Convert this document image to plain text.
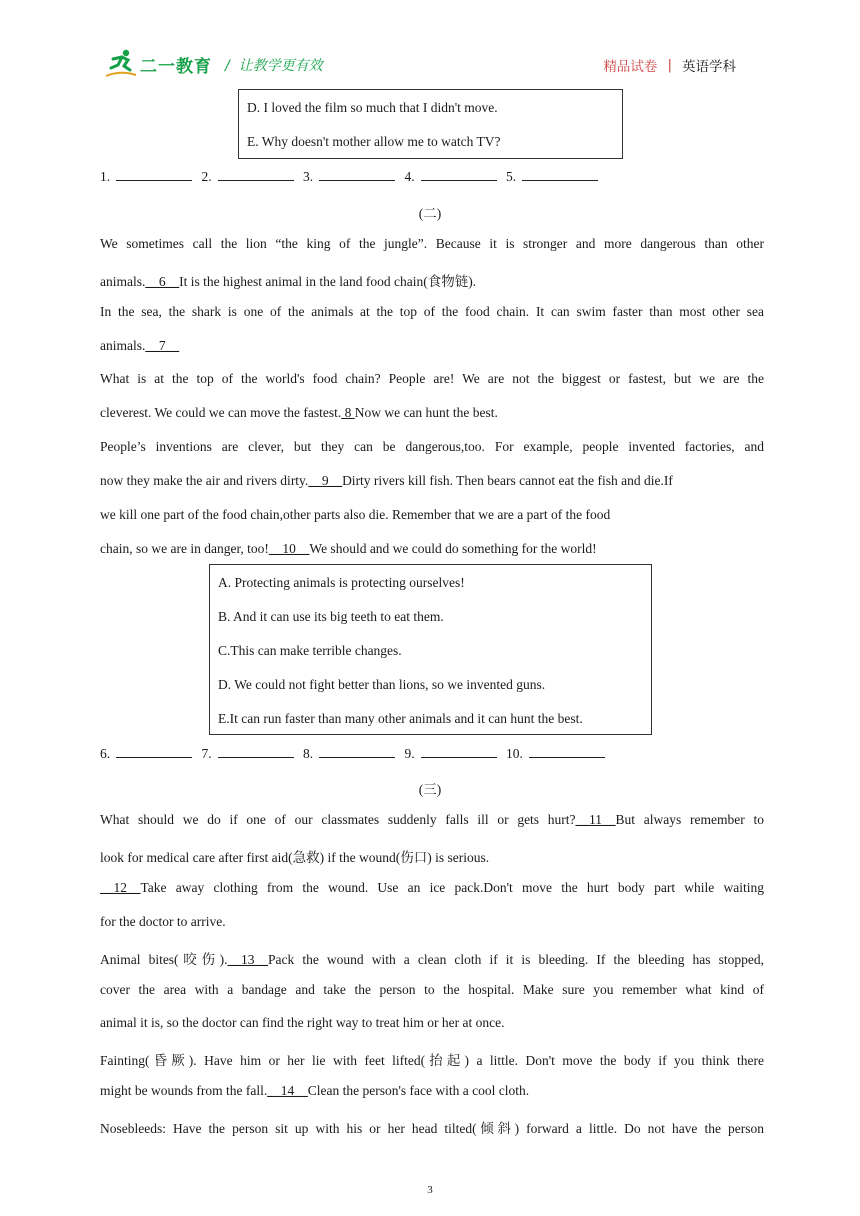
二一教育 /  让教学更有效	精品试卷 | 英语学科
D. I loved the film so much that I didn't move.
E. Why doesn't mother allow me to watch TV?
1.	2.	3.	4.	5.
(二)
We sometimes call the lion “the king of the jungle”. Because it is stronger and more dangerous than other
animals.__6__It is the highest animal in the land food chain(食物链).
In the sea, the shark is one of the animals at the top of the food chain. It can swim faster than most other sea
animals.__7__
What is at the top of the world's food chain? People are! We are not the biggest or fastest, but we are the
cleverest. We could we can move the fastest. 8 Now we can hunt the best.
People’s inventions are clever, but they can be dangerous,too. For example, people invented factories, and
now they make the air and rivers dirty.__9__Dirty rivers kill fish. Then bears cannot eat the fish and die.If
we kill one part of the food chain,other parts also die. Remember that we are a part of the food
chain, so we are in danger, too!__10__We should and we could do something for the world!
A. Protecting animals is protecting ourselves!
B. And it can use its big teeth to eat them.
C.This can make terrible changes.
D. We could not fight better than lions, so we invented guns.
E.It can run faster than many other animals and it can hunt the best.
6.	7.	8.	9.	10.
(三)
What should we do if one of our classmates suddenly falls ill or gets hurt?__11__But always remember to
look for medical care after first aid(急救) if the wound(伤口) is serious.
__12__Take away clothing from the wound. Use an ice pack.Don't move the hurt body part while waiting
for the doctor to arrive.
Animal bites(咬伤).__13__Pack the wound with a clean cloth if it is bleeding. If the bleeding has stopped,
cover the area with a bandage and take the person to the hospital. Make sure you remember what kind of
animal it is, so the doctor can find the right way to treat him or her at once.
Fainting(昏厥). Have him or her lie with feet lifted(抬起) a little. Don't move the body if you think there
might be wounds from the fall.__14__Clean the person's face with a cool cloth.
Nosebleeds: Have the person sit up with his or her head tilted(倾斜) forward a little. Do not have the person
3
